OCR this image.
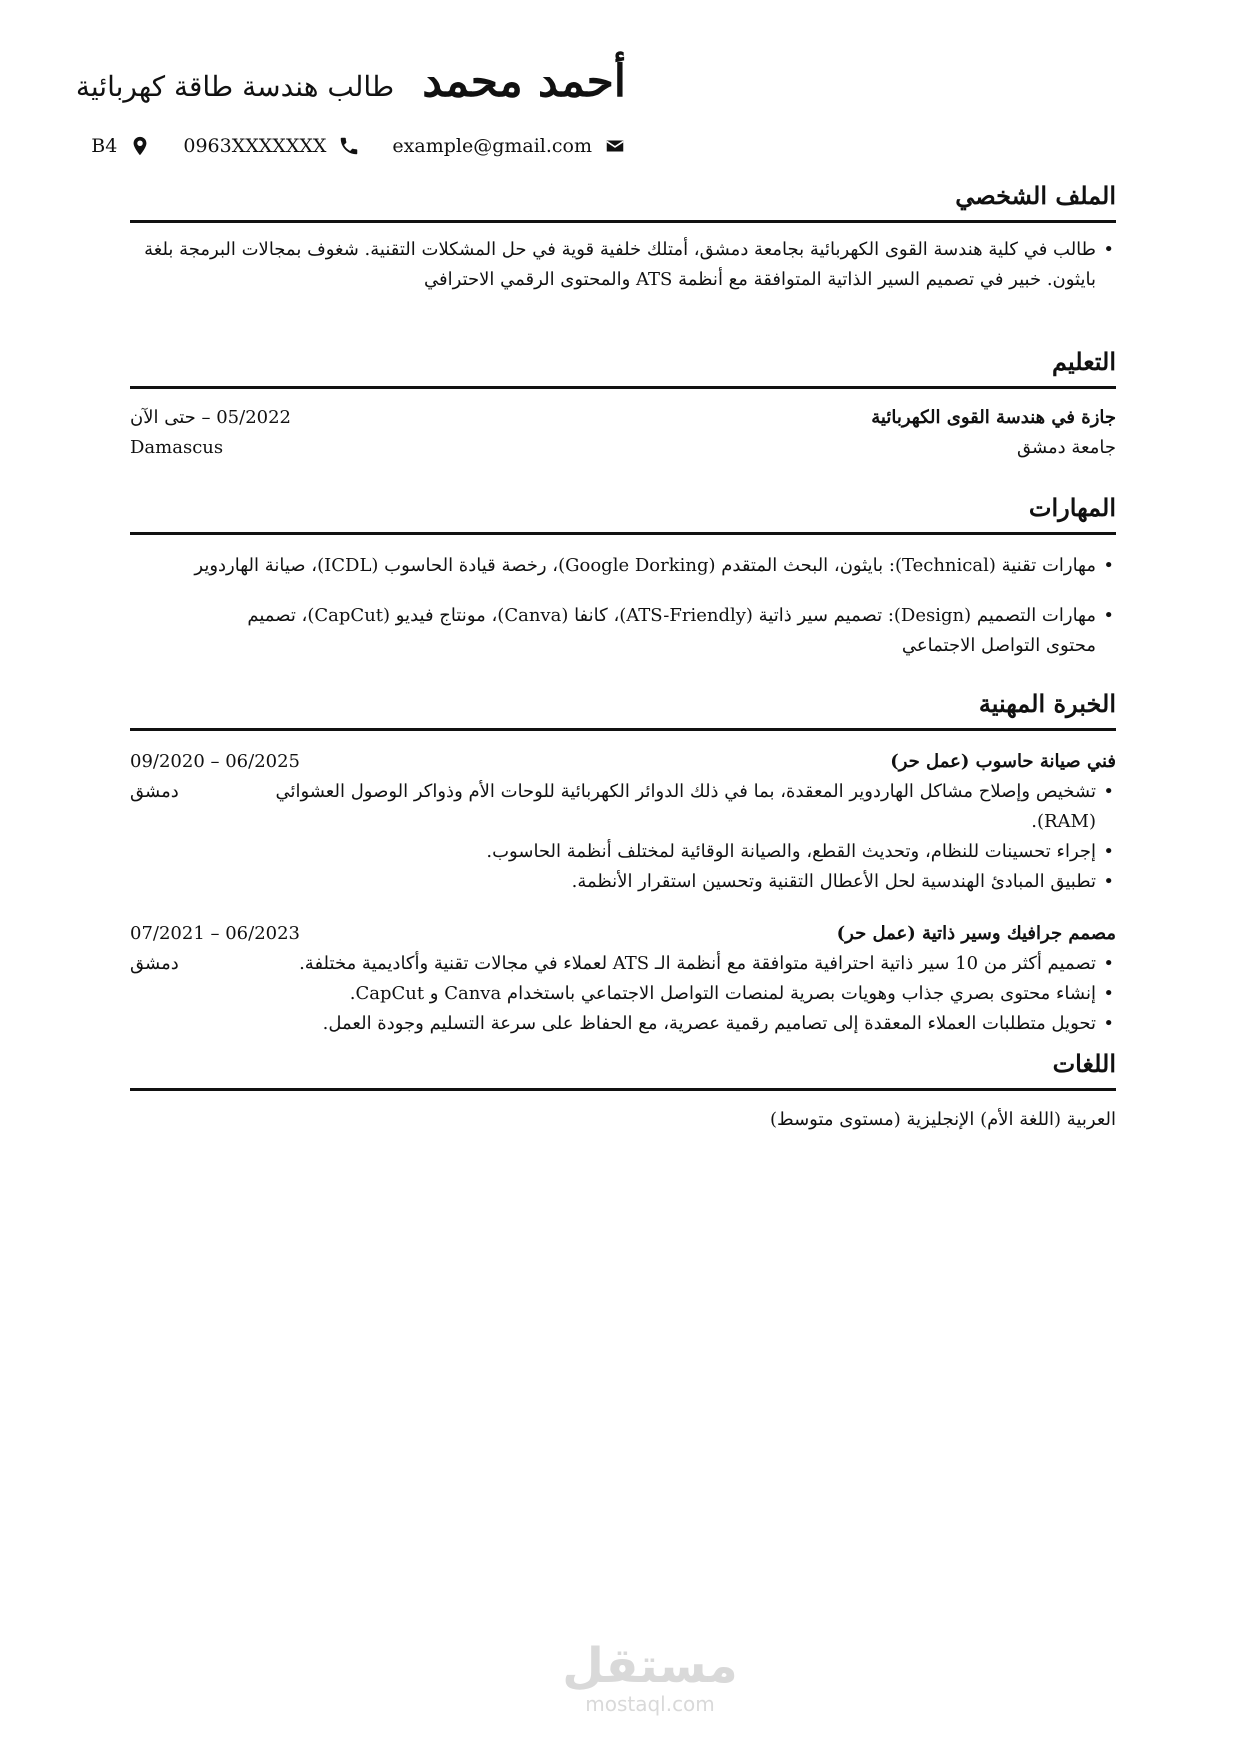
أحمد محمد
طالب هندسة طاقة كهربائية
B4	0963XXXXXXX	example@gmail.com
الملف الشخصي
• طالب في كلية هندسة القوى الكهربائية بجامعة دمشق، أمتلك خلفية قوية في حل المشكلات التقنية. شغوف بمجالات البرمجة بلغة بايثون. خبير في تصميم السير الذاتية المتوافقة مع أنظمة ATS والمحتوى الرقمي الاحترافي
التعليم
جازة في هندسة القوى الكهربائية
جامعة دمشق
05/2022 – حتى الآن
Damascus
المهارات
• مهارات تقنية (Technical): بايثون، البحث المتقدم (Google Dorking)، رخصة قيادة الحاسوب (ICDL)، صيانة الهاردوير
• مهارات التصميم (Design): تصميم سير ذاتية (ATS-Friendly)، كانفا (Canva)، مونتاج فيديو (CapCut)، تصميم محتوى التواصل الاجتماعي
الخبرة المهنية
فني صيانة حاسوب (عمل حر)
• تشخيص وإصلاح مشاكل الهاردوير المعقدة، بما في ذلك الدوائر الكهربائية للوحات الأم وذواكر الوصول العشوائي (RAM).
• إجراء تحسينات للنظام، وتحديث القطع، والصيانة الوقائية لمختلف أنظمة الحاسوب.
• تطبيق المبادئ الهندسية لحل الأعطال التقنية وتحسين استقرار الأنظمة.
09/2020 – 06/2025
دمشق
مصمم جرافيك وسير ذاتية (عمل حر)
• تصميم أكثر من 10 سير ذاتية احترافية متوافقة مع أنظمة الـ ATS لعملاء في مجالات تقنية وأكاديمية مختلفة.
• إنشاء محتوى بصري جذاب وهويات بصرية لمنصات التواصل الاجتماعي باستخدام Canva و CapCut.
• تحويل متطلبات العملاء المعقدة إلى تصاميم رقمية عصرية، مع الحفاظ على سرعة التسليم وجودة العمل.
07/2021 – 06/2023
دمشق
اللغات
العربية (اللغة الأم) الإنجليزية (مستوى متوسط)
مستقل
mostaql.com
